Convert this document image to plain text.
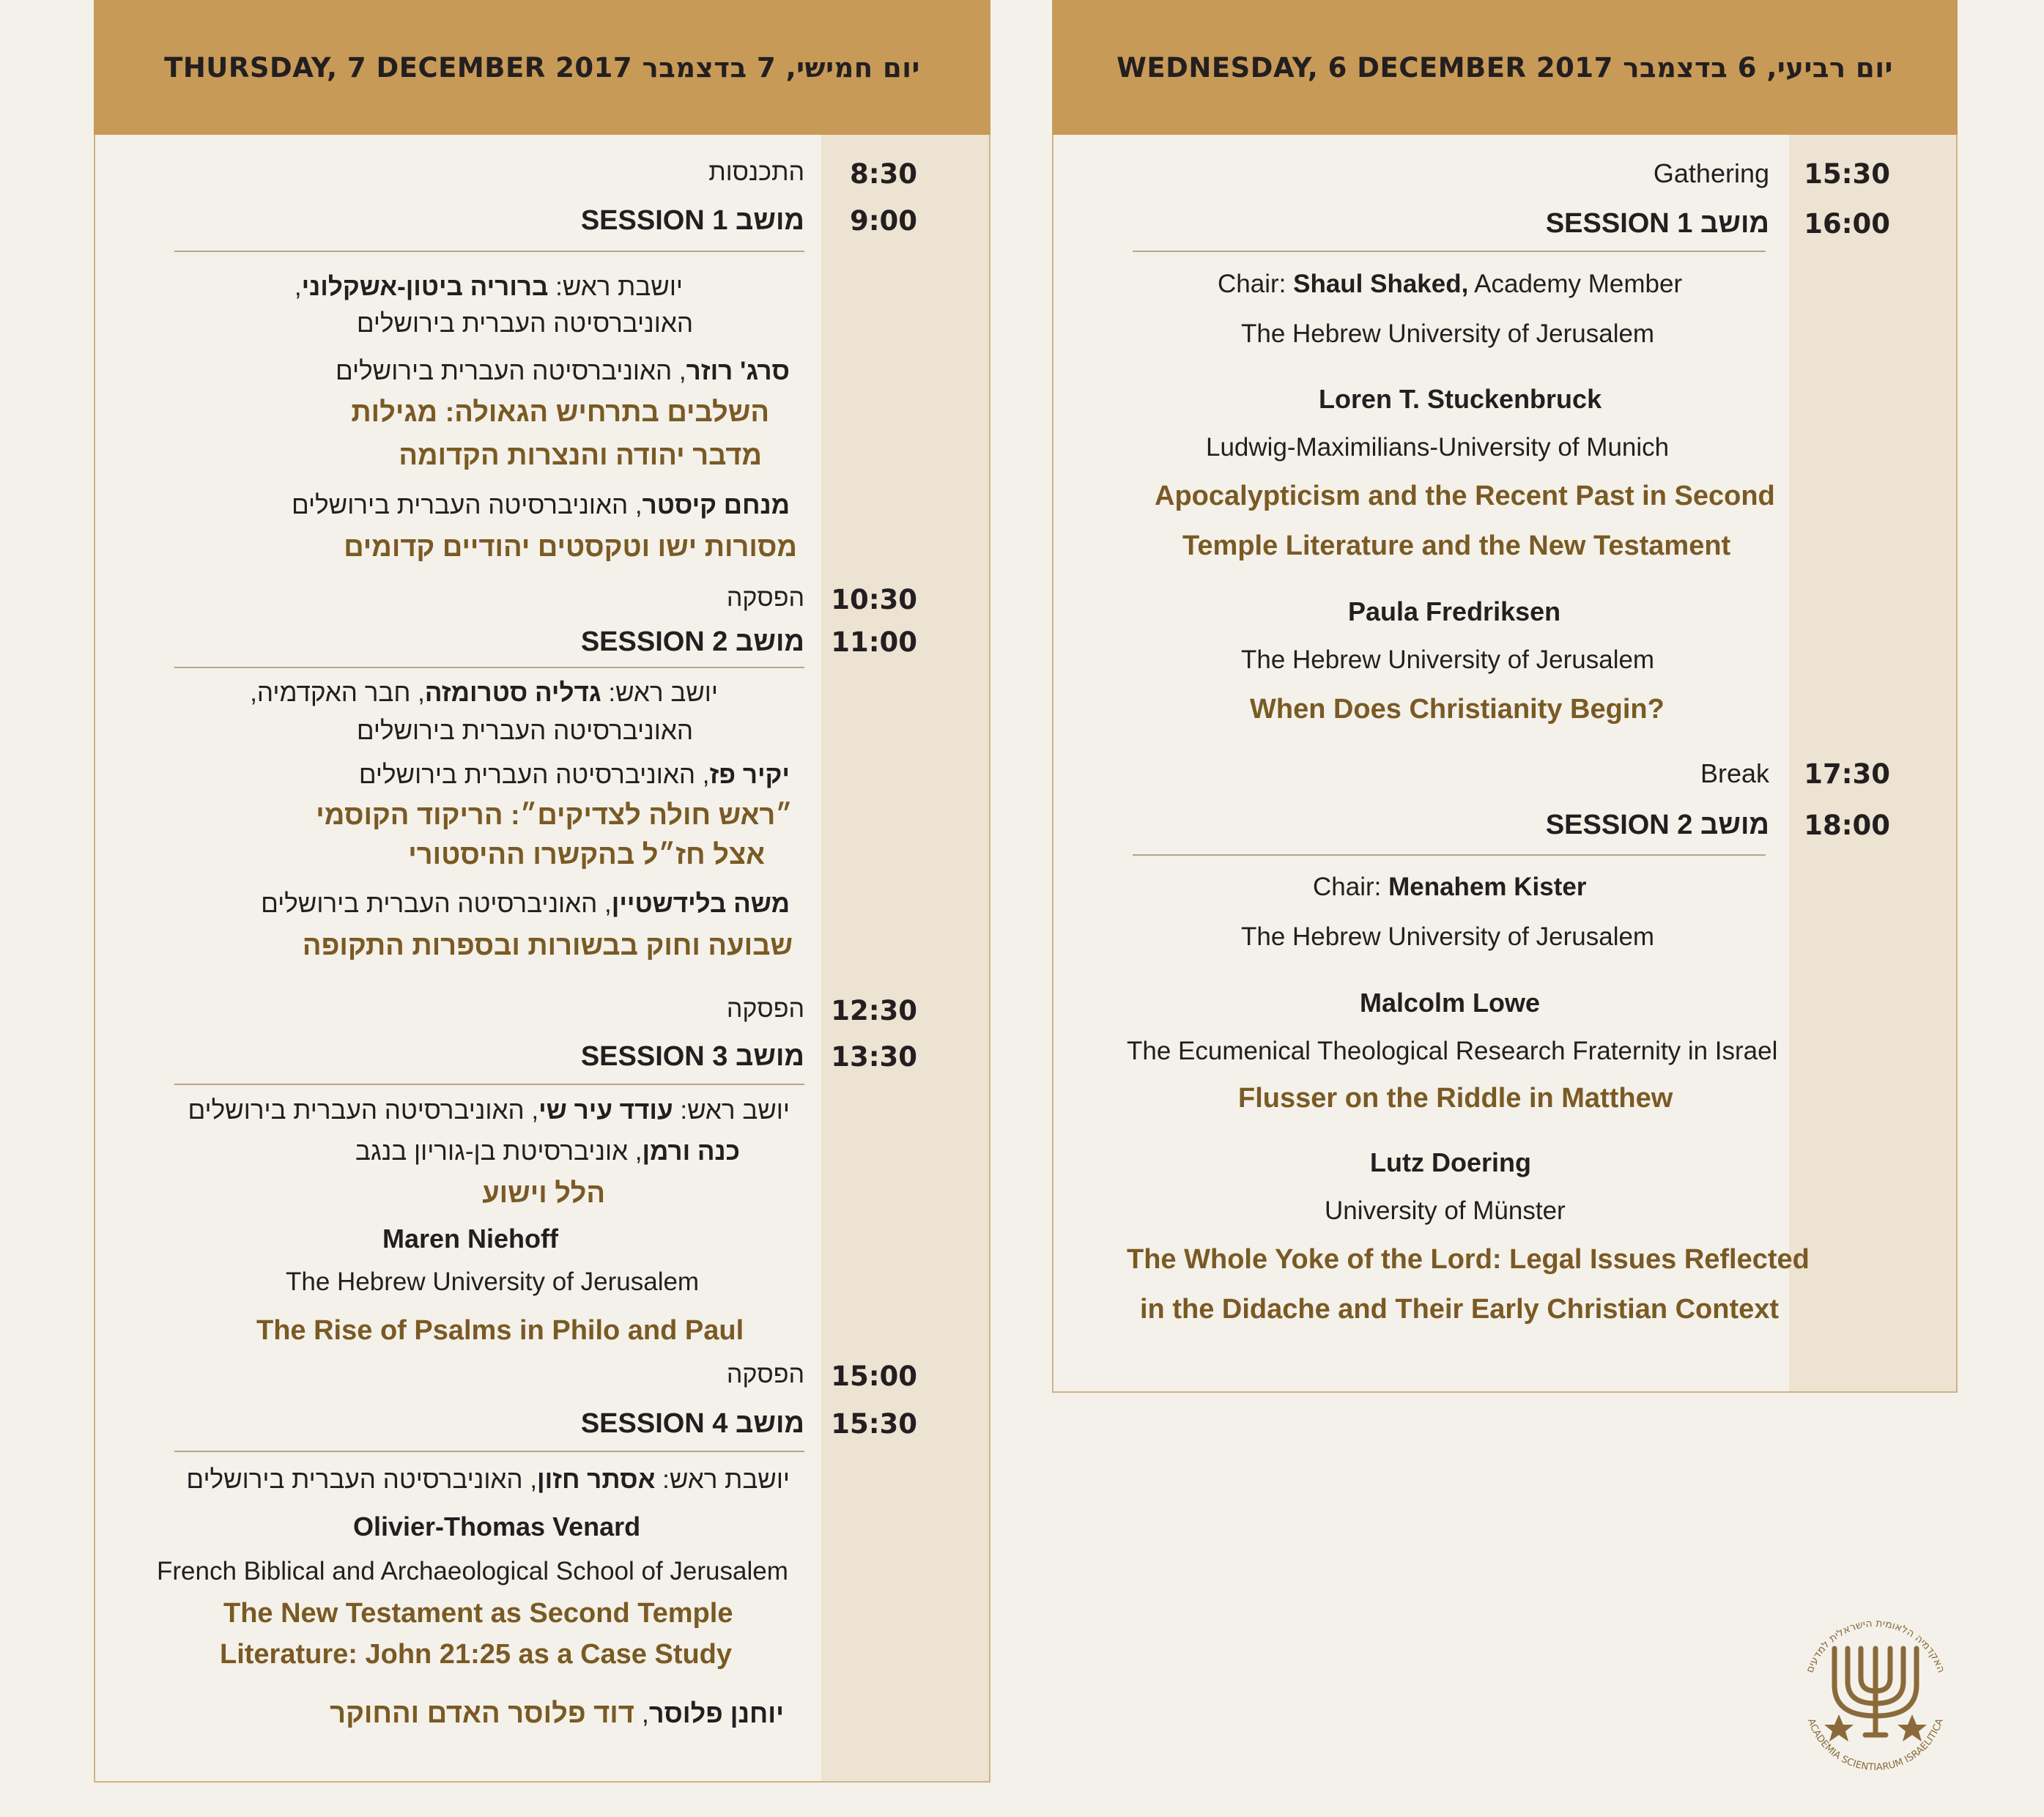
THURSDAY, 7 DECEMBER 2017 יום חמישי, 7 בדצמבר
8:30
התכנסות
9:00
SESSION 1 מושב
יושבת ראש: ברוריה ביטון-אשקלוני,
האוניברסיטה העברית בירושלים
סרג' רוזר, האוניברסיטה העברית בירושלים
השלבים בתרחיש הגאולה: מגילות
מדבר יהודה והנצרות הקדומה
מנחם קיסטר, האוניברסיטה העברית בירושלים
מסורות ישו וטקסטים יהודיים קדומים
10:30
הפסקה
11:00
SESSION 2 מושב
יושב ראש: גדליה סטרומזה, חבר האקדמיה,
האוניברסיטה העברית בירושלים
יקיר פז, האוניברסיטה העברית בירושלים
״ראש חולה לצדיקים״: הריקוד הקוסמי
אצל חז״ל בהקשרו ההיסטורי
משה בלידשטיין, האוניברסיטה העברית בירושלים
שבועה וחוק בבשורות ובספרות התקופה
12:30
הפסקה
13:30
SESSION 3 מושב
יושב ראש: עודד עיר שי, האוניברסיטה העברית בירושלים
כנה ורמן, אוניברסיטת בן-גוריון בנגב
הלל וישוע
Maren Niehoff
The Hebrew University of Jerusalem
The Rise of Psalms in Philo and Paul
15:00
הפסקה
15:30
SESSION 4 מושב
יושבת ראש: אסתר חזון, האוניברסיטה העברית בירושלים
Olivier-Thomas Venard
French Biblical and Archaeological School of Jerusalem
The New Testament as Second Temple
Literature: John 21:25 as a Case Study
יוחנן פלוסר, דוד פלוסר האדם והחוקר
WEDNESDAY, 6 DECEMBER 2017 יום רביעי, 6 בדצמבר
15:30
Gathering
16:00
SESSION 1 מושב
Chair: Shaul Shaked, Academy Member
The Hebrew University of Jerusalem
Loren T. Stuckenbruck
Ludwig-Maximilians-University of Munich
Apocalypticism and the Recent Past in Second
Temple Literature and the New Testament
Paula Fredriksen
The Hebrew University of Jerusalem
When Does Christianity Begin?
17:30
Break
18:00
SESSION 2 מושב
Chair: Menahem Kister
The Hebrew University of Jerusalem
Malcolm Lowe
The Ecumenical Theological Research Fraternity in Israel
Flusser on the Riddle in Matthew
Lutz Doering
University of Münster
The Whole Yoke of the Lord: Legal Issues Reflected
in the Didache and Their Early Christian Context
האקדמיה הלאומית הישראלית למדעים
ACADEMIA SCIENTIARUM ISRAELITICA
